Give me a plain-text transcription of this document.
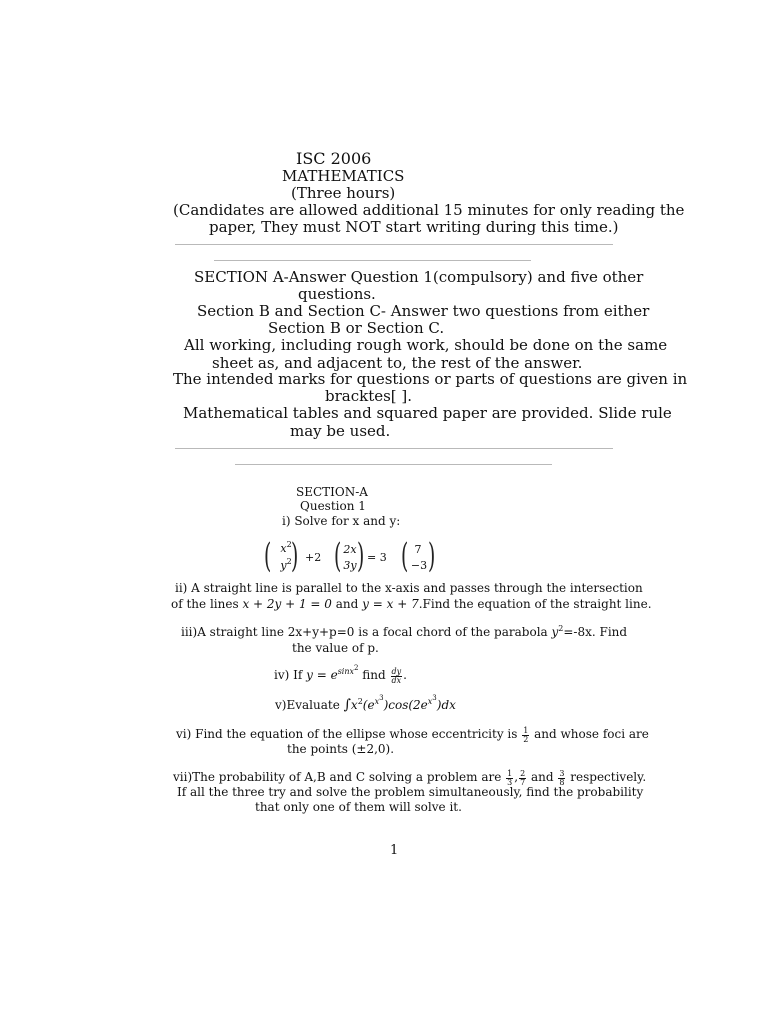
ISC 2006
MATHEMATICS
(Three hours)
(Candidates are allowed additional 15 minutes for only reading the
paper, They must NOT start writing during this time.)
SECTION A-Answer Question 1(compulsory) and five other
questions.
Section B and Section C- Answer two questions from either
Section B or Section C.
All working, including rough work, should be done on the same
sheet as, and adjacent to, the rest of the answer.
The intended marks for questions or parts of questions are given in
bracktes[ ].
Mathematical tables and squared paper are provided. Slide rule
may be used.
SECTION-A
Question 1
i) Solve for x and y:
( $x^2$
$y^2$ ) +2 ( 2x
3y ) = 3 ( 7
−3 )
ii) A straight line is parallel to the x-axis and passes through the intersection
of the lines x + 2y + 1 = 0 and y = x + 7.Find the equation of the straight line.
iii)A straight line 2x+y+p=0 is a focal chord of the parabola $y^2=-8x$. Find
the value of p.
iv) If $y = e^{sinx^2}$ find $\frac{dy}{dx}$ .
v)Evaluate $\int x^2(e^{x^3})\cos(2e^{x^3})dx$
vi) Find the equation of the ellipse whose eccentricity is $\frac{1}{2}$ and whose foci are
the points (±2,0).
vii)The probability of A,B and C solving a problem are $\frac{1}{3}$ , $\frac{2}{7}$ and $\frac{3}{8}$ respectively.
If all the three try and solve the problem simultaneously, find the probability
that only one of them will solve it.
1
